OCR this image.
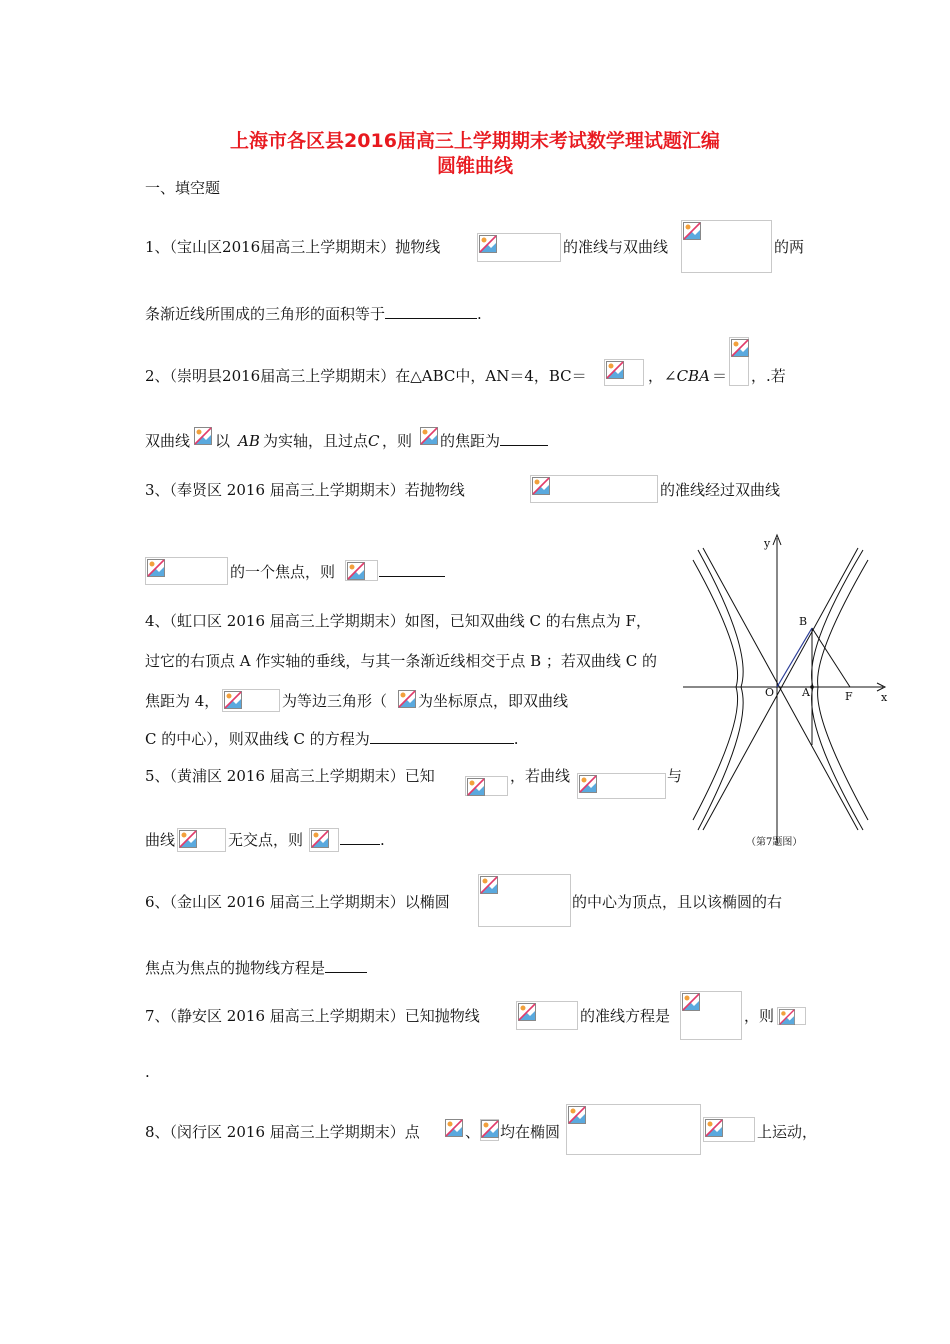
上海市各区县2016届高三上学期期末考试数学理试题汇编
圆锥曲线
一、填空题
1、（宝山区2016届高三上学期期末）抛物线	的准线与双曲线	的两
条渐近线所围成的三角形的面积等于	.
2、（崇明县2016届高三上学期期末）在△ABC中，AN＝4，BC＝	， ∠CBA ＝ ，.若
双曲线 以 AB 为实轴，且过点 C ，则 的焦距为
3、（奉贤区 2016 届高三上学期期末）若抛物线	的准线经过双曲线
的一个焦点，则
4、（虹口区 2016 届高三上学期期末）如图，已知双曲线 C 的右焦点为 F，
过它的右顶点 A 作实轴的垂线，与其一条渐近线相交于点 B ；若双曲线 C 的
焦距为 4，	为等边三角形（ 为坐标原点，即双曲线
C 的中心），则双曲线 C 的方程为	.
5、（黄浦区 2016 届高三上学期期末）已知	，若曲线	与
曲线	无交点，则	.
6、（金山区 2016 届高三上学期期末）以椭圆	的中心为顶点，且以该椭圆的右
焦点为焦点的抛物线方程是
7、（静安区 2016 届高三上学期期末）已知抛物线	的准线方程是	，则
.
8、（闵行区 2016 届高三上学期期末）点	、 均在椭圆	上运动，
y
x
B
O	A	F
（第7题图）
